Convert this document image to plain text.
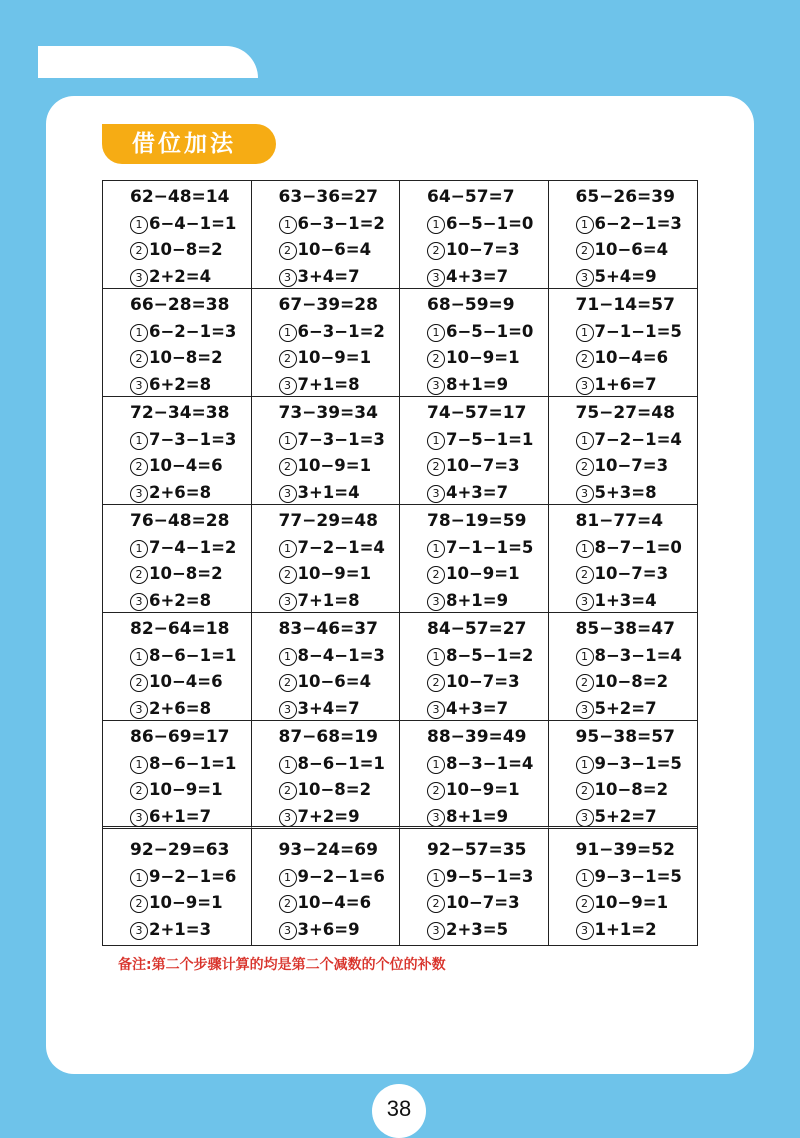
借位加法
62−48=14
1 6−4−1=1
2 10−8=2
3 2+2=4
63−36=27
1 6−3−1=2
2 10−6=4
3 3+4=7
64−57=7
1 6−5−1=0
2 10−7=3
3 4+3=7
65−26=39
1 6−2−1=3
2 10−6=4
3 5+4=9
66−28=38
1 6−2−1=3
2 10−8=2
3 6+2=8
67−39=28
1 6−3−1=2
2 10−9=1
3 7+1=8
68−59=9
1 6−5−1=0
2 10−9=1
3 8+1=9
71−14=57
1 7−1−1=5
2 10−4=6
3 1+6=7
72−34=38
1 7−3−1=3
2 10−4=6
3 2+6=8
73−39=34
1 7−3−1=3
2 10−9=1
3 3+1=4
74−57=17
1 7−5−1=1
2 10−7=3
3 4+3=7
75−27=48
1 7−2−1=4
2 10−7=3
3 5+3=8
76−48=28
1 7−4−1=2
2 10−8=2
3 6+2=8
77−29=48
1 7−2−1=4
2 10−9=1
3 7+1=8
78−19=59
1 7−1−1=5
2 10−9=1
3 8+1=9
81−77=4
1 8−7−1=0
2 10−7=3
3 1+3=4
82−64=18
1 8−6−1=1
2 10−4=6
3 2+6=8
83−46=37
1 8−4−1=3
2 10−6=4
3 3+4=7
84−57=27
1 8−5−1=2
2 10−7=3
3 4+3=7
85−38=47
1 8−3−1=4
2 10−8=2
3 5+2=7
86−69=17
1 8−6−1=1
2 10−9=1
3 6+1=7
87−68=19
1 8−6−1=1
2 10−8=2
3 7+2=9
88−39=49
1 8−3−1=4
2 10−9=1
3 8+1=9
95−38=57
1 9−3−1=5
2 10−8=2
3 5+2=7
92−29=63
1 9−2−1=6
2 10−9=1
3 2+1=3
93−24=69
1 9−2−1=6
2 10−4=6
3 3+6=9
92−57=35
1 9−5−1=3
2 10−7=3
3 2+3=5
91−39=52
1 9−3−1=5
2 10−9=1
3 1+1=2
备注:第二个步骤计算的均是第二个减数的个位的补数
38
